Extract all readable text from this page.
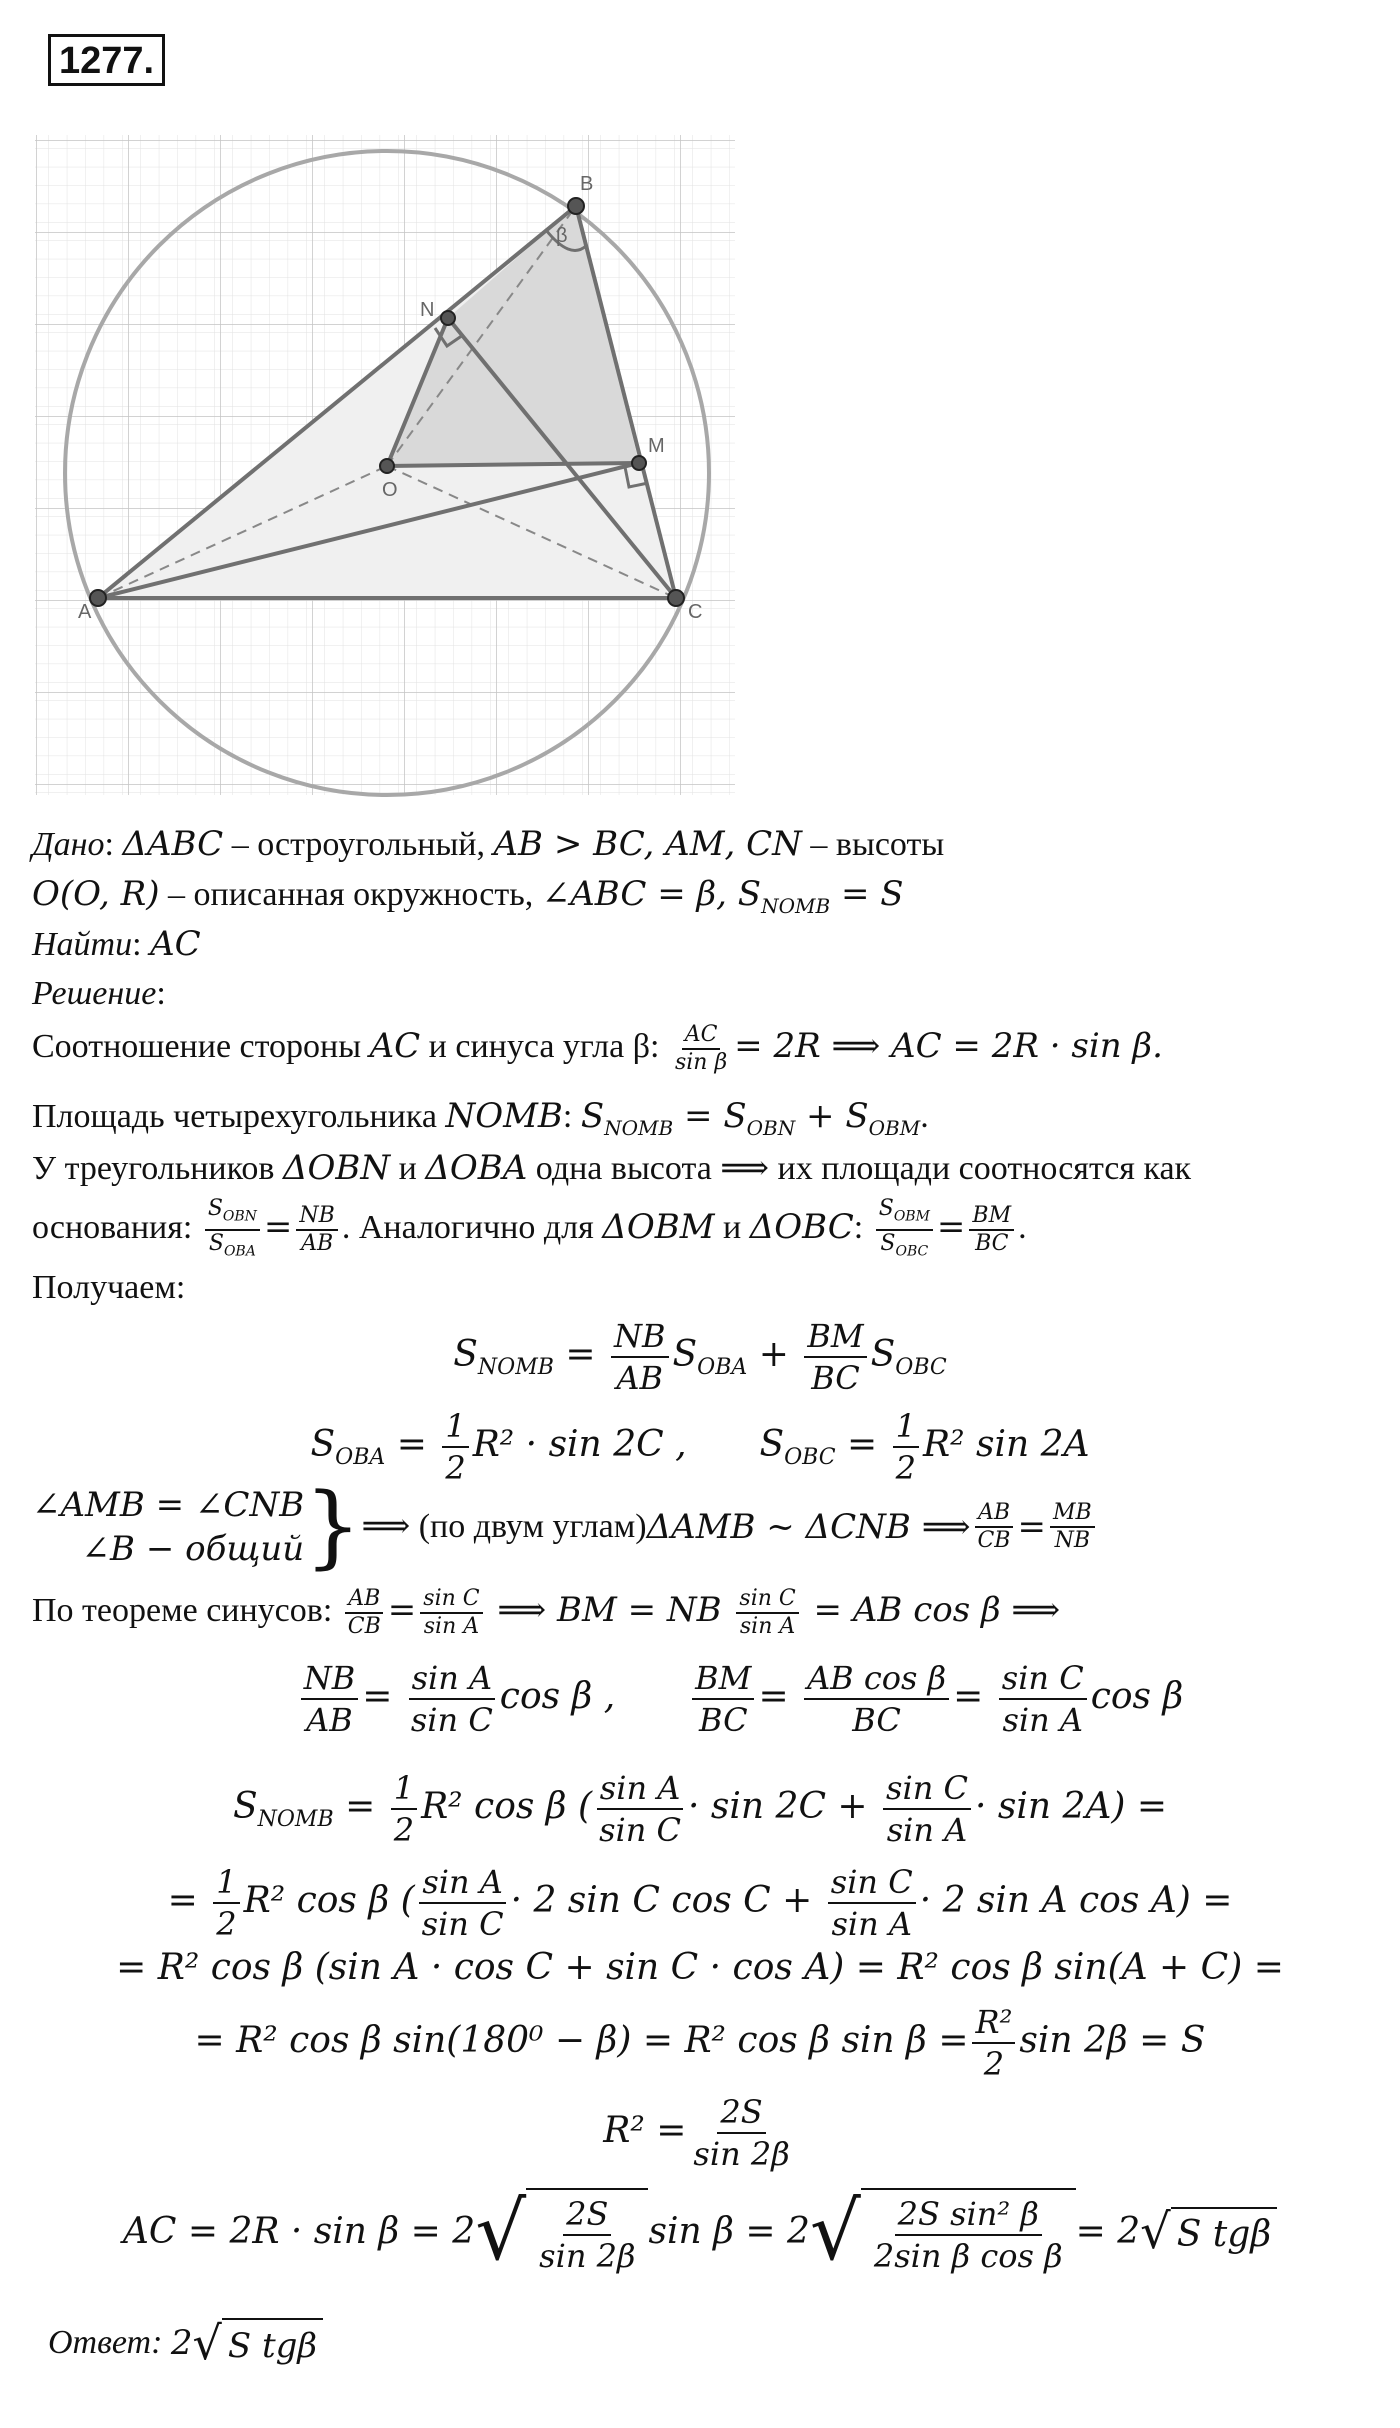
1277.
A
B
C
N
M
O
β
Дано: ΔABC – остроугольный, AB > BC, AM, CN – высоты
O(O, R) – описанная окружность, ∠ABC = β, $S_{NOMB} = S$
Найти: AC
Решение:
Соотношение стороны AC и синуса угла β: $\frac{AC}{\text{sin β}} = 2R$ ⟹ AC = 2R · sin β.
Площадь четырехугольника NOMB: $S_{NOMB} = S_{OBN} + S_{OBM}$.
У треугольников ΔOBN и ΔOBA одна высота ⟹ их площади соотносятся как
основания:
$S_{OBN}$
$S_{OBA}$
= $\frac{NB}{AB}$ . Аналогично для ΔOBM и ΔOBC:
$S_{OBM}$
$S_{OBC}$
= $\frac{BM}{BC}$ .
Получаем:
$S_{NOMB} = \frac{NB}{AB} S_{OBA} + \frac{BM}{BC} S_{OBC}$
$S_{OBA} = \frac{1}{2} R^2 \cdot \sin 2C$ , $S_{OBC} = \frac{1}{2} R^2$ sin 2A
∠AMB = ∠CNB
∠B − общий } ⟹ (по двум углам) ΔAMB ~ ΔCNB ⟹ $\frac{AB}{CB} = \frac{MB}{NB}$
По теореме синусов: $\frac{AB}{CB} = \frac{\text{sin C}}{\text{sin A}}$ ⟹ BM = NB $\frac{\text{sin C}}{\text{sin A}}$ = AB cos β ⟹
$\frac{NB}{AB} = \frac{\text{sin A}}{\text{sin C}}$ cos β , $\frac{BM}{BC} = \frac{\text{AB cos β}}{BC} = \frac{\text{sin C}}{\text{sin A}}$ cos β
$S_{NOMB} = \frac{1}{2} R^2$ cos β ( $\frac{\text{sin A}}{\text{sin C}} \cdot \sin 2C + \frac{\text{sin C}}{\text{sin A}} \cdot \sin 2A$) =
= $\frac{1}{2} R^2$ cos β ( $\frac{\text{sin A}}{\text{sin C}} \cdot 2$ sin C $\cos C + \frac{\text{sin C}}{\text{sin A}} \cdot 2$ sin A cos A) =
= R² cos β (sin A · cos C + sin C · cos A) = R² cos β sin(A + C) =
= R² cos β sin(180⁰ − β) = R² cos β $\sin \beta = \frac{\text{R²}}{2}$ sin 2β = S
$R^2 = \frac{2S}{\sin 2\beta}$
AC = 2R · sin β = 2 √ 2S
sin 2β
sin β = 2 √ 2S sin² β
2sin β cos β
= 2 √ S tgβ
Ответ:
2 √ S tgβ
